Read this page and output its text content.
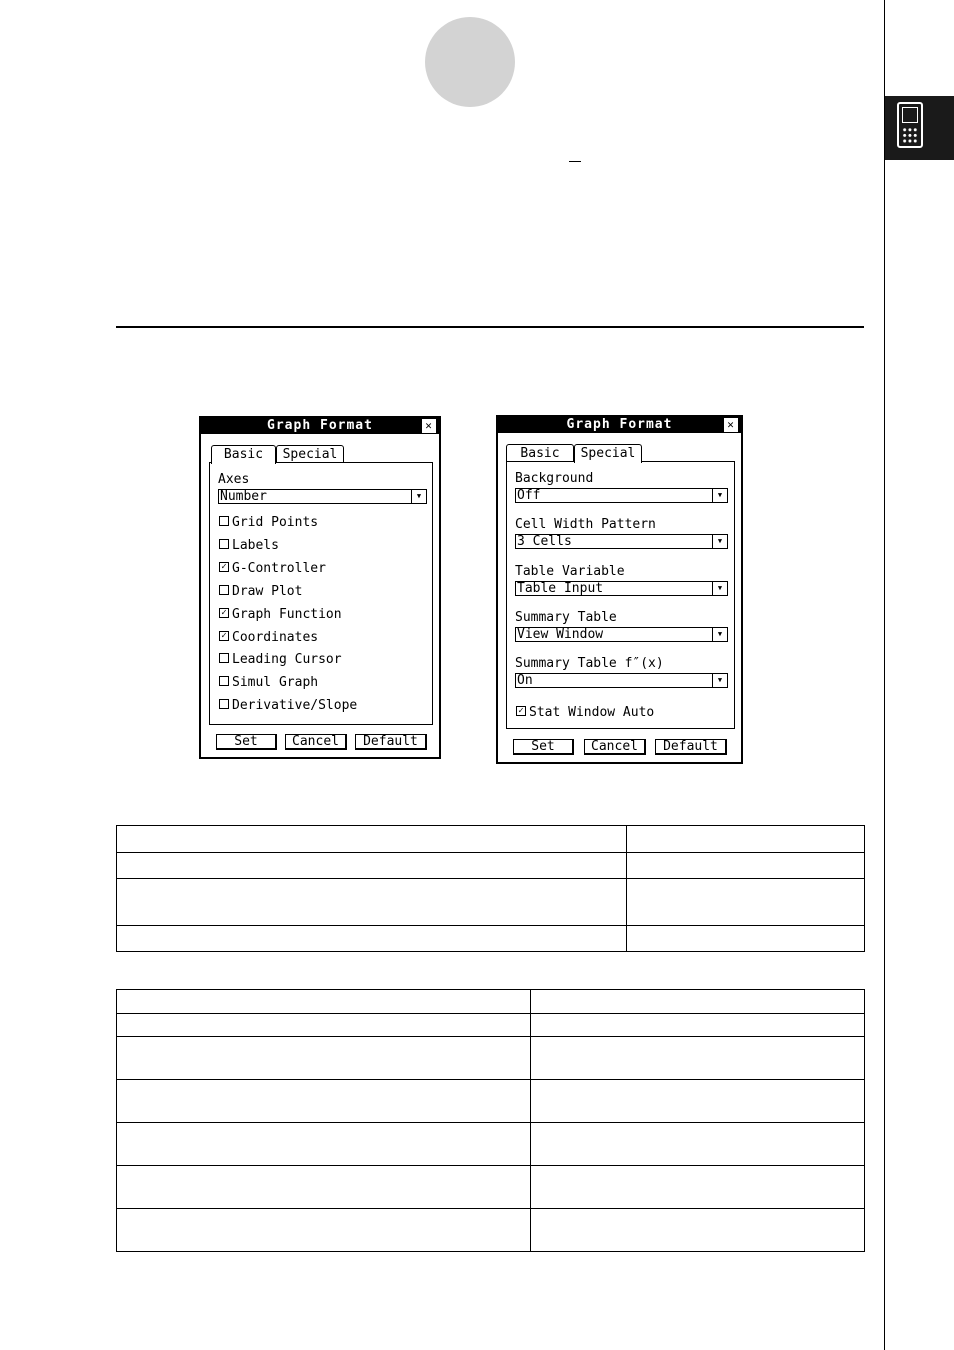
Graph Format	✕
Basic	Special
Axes
Number	▼
Grid Points
Labels
✓ G-Controller
Draw Plot
✓ Graph Function
✓ Coordinates
Leading Cursor
Simul Graph
Derivative/Slope
Set	Cancel	Default
Graph Format	✕
Basic	Special
Background
Off	▼
Cell Width Pattern
3 Cells	▼
Table Variable
Table Input	▼
Summary Table
View Window	▼
Summary Table f″(x)
On	▼
✓ Stat Window Auto
Set	Cancel	Default
